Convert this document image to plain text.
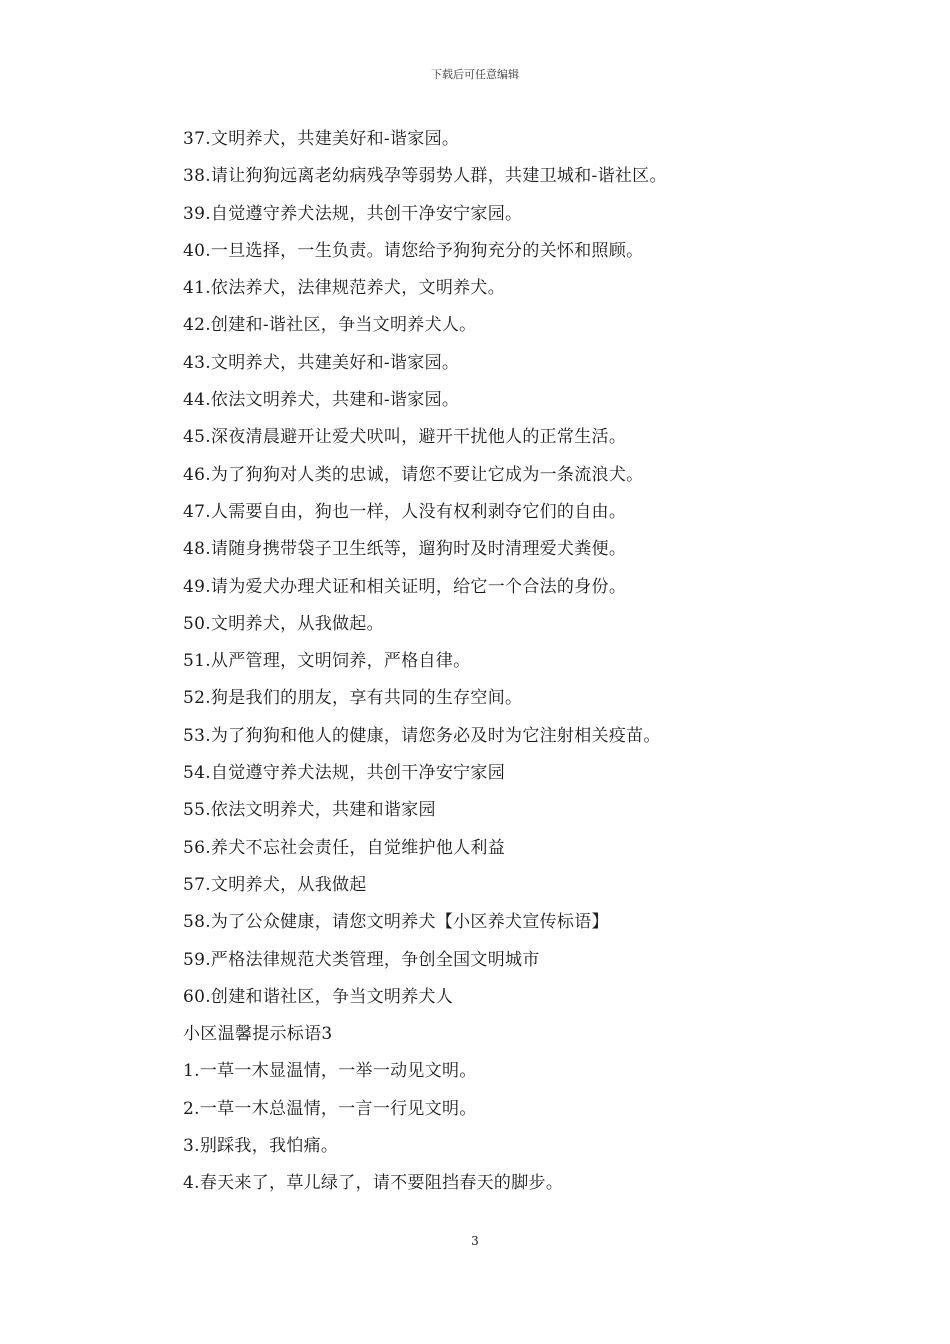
下载后可任意编辑
37.文明养犬，共建美好和-谐家园。
38.请让狗狗远离老幼病残孕等弱势人群，共建卫城和-谐社区。
39.自觉遵守养犬法规，共创干净安宁家园。
40.一旦选择，一生负责。请您给予狗狗充分的关怀和照顾。
41.依法养犬，法律规范养犬，文明养犬。
42.创建和-谐社区，争当文明养犬人。
43.文明养犬，共建美好和-谐家园。
44.依法文明养犬，共建和-谐家园。
45.深夜清晨避开让爱犬吠叫，避开干扰他人的正常生活。
46.为了狗狗对人类的忠诚，请您不要让它成为一条流浪犬。
47.人需要自由，狗也一样，人没有权利剥夺它们的自由。
48.请随身携带袋子卫生纸等，遛狗时及时清理爱犬粪便。
49.请为爱犬办理犬证和相关证明，给它一个合法的身份。
50.文明养犬，从我做起。
51.从严管理，文明饲养，严格自律。
52.狗是我们的朋友，享有共同的生存空间。
53.为了狗狗和他人的健康，请您务必及时为它注射相关疫苗。
54.自觉遵守养犬法规，共创干净安宁家园
55.依法文明养犬，共建和谐家园
56.养犬不忘社会责任，自觉维护他人利益
57.文明养犬，从我做起
58.为了公众健康，请您文明养犬【小区养犬宣传标语】
59.严格法律规范犬类管理，争创全国文明城市
60.创建和谐社区，争当文明养犬人
小区温馨提示标语3
1.一草一木显温情，一举一动见文明。
2.一草一木总温情，一言一行见文明。
3.别踩我，我怕痛。
4.春天来了，草儿绿了，请不要阻挡春天的脚步。
3
